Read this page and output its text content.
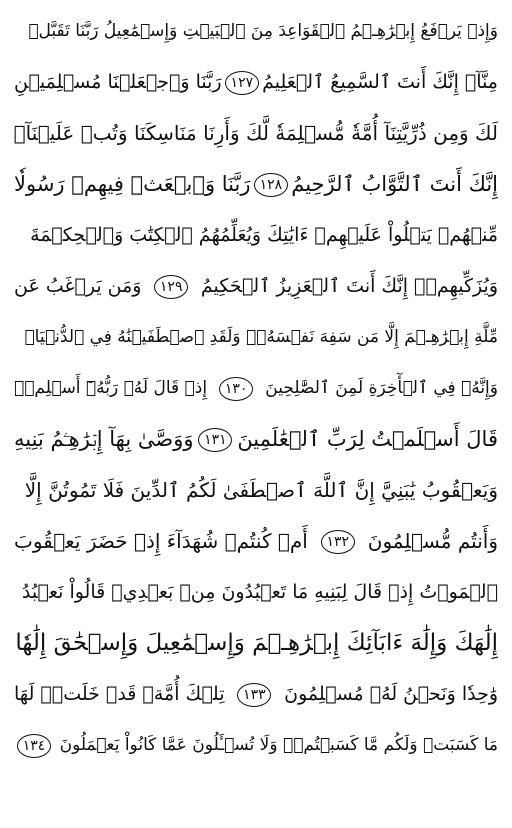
وَإِذۡ يَرۡفَعُ إِبۡرَٰهِـۧمُ ٱلۡقَوَاعِدَ مِنَ ٱلۡبَيۡتِ وَإِسۡمَٰعِيلُ رَبَّنَا تَقَبَّلۡ
مِنَّآۖ إِنَّكَ أَنتَ ٱلسَّمِيعُ ٱلۡعَلِيمُ
١٢٧
رَبَّنَا وَٱجۡعَلۡنَا مُسۡلِمَيۡنِ
لَكَ وَمِن ذُرِّيَّتِنَآ أُمَّةٗ مُّسۡلِمَةٗ لَّكَ وَأَرِنَا مَنَاسِكَنَا وَتُبۡ عَلَيۡنَآۖ
إِنَّكَ أَنتَ ٱلتَّوَّابُ ٱلرَّحِيمُ
١٢٨
رَبَّنَا وَٱبۡعَثۡ فِيهِمۡ رَسُولٗا
مِّنۡهُمۡ يَتۡلُواْ عَلَيۡهِمۡ ءَايَٰتِكَ وَيُعَلِّمُهُمُ ٱلۡكِتَٰبَ وَٱلۡحِكۡمَةَ
وَيُزَكِّيهِمۡۖ إِنَّكَ أَنتَ ٱلۡعَزِيزُ ٱلۡحَكِيمُ
١٢٩
وَمَن يَرۡغَبُ عَن
مِّلَّةِ إِبۡرَٰهِـۧمَ إِلَّا مَن سَفِهَ نَفۡسَهُۥۚ وَلَقَدِ ٱصۡطَفَيۡنَٰهُ فِي ٱلدُّنۡيَاۖ
وَإِنَّهُۥ فِي ٱلۡأٓخِرَةِ لَمِنَ ٱلصَّٰلِحِينَ
١٣٠
إِذۡ قَالَ لَهُۥ رَبُّهُۥٓ أَسۡلِمۡۖ
قَالَ أَسۡلَمۡتُ لِرَبِّ ٱلۡعَٰلَمِينَ
١٣١
وَوَصَّىٰ بِهَآ إِبۡرَٰهِـۧمُ بَنِيهِ
وَيَعۡقُوبُ يَٰبَنِيَّ إِنَّ ٱللَّهَ ٱصۡطَفَىٰ لَكُمُ ٱلدِّينَ فَلَا تَمُوتُنَّ إِلَّا
وَأَنتُم مُّسۡلِمُونَ
١٣٢
أَمۡ كُنتُمۡ شُهَدَآءَ إِذۡ حَضَرَ يَعۡقُوبَ
ٱلۡمَوۡتُ إِذۡ قَالَ لِبَنِيهِ مَا تَعۡبُدُونَ مِنۢ بَعۡدِيۖ قَالُواْ نَعۡبُدُ
إِلَٰهَكَ وَإِلَٰهَ ءَابَآئِكَ إِبۡرَٰهِـۧمَ وَإِسۡمَٰعِيلَ وَإِسۡحَٰقَ إِلَٰهٗا
وَٰحِدٗا وَنَحۡنُ لَهُۥ مُسۡلِمُونَ
١٣٣
تِلۡكَ أُمَّةٞ قَدۡ خَلَتۡۖ لَهَا
مَا كَسَبَتۡ وَلَكُم مَّا كَسَبۡتُمۡۖ وَلَا تُسۡـَٔلُونَ عَمَّا كَانُواْ يَعۡمَلُونَ
١٣٤
